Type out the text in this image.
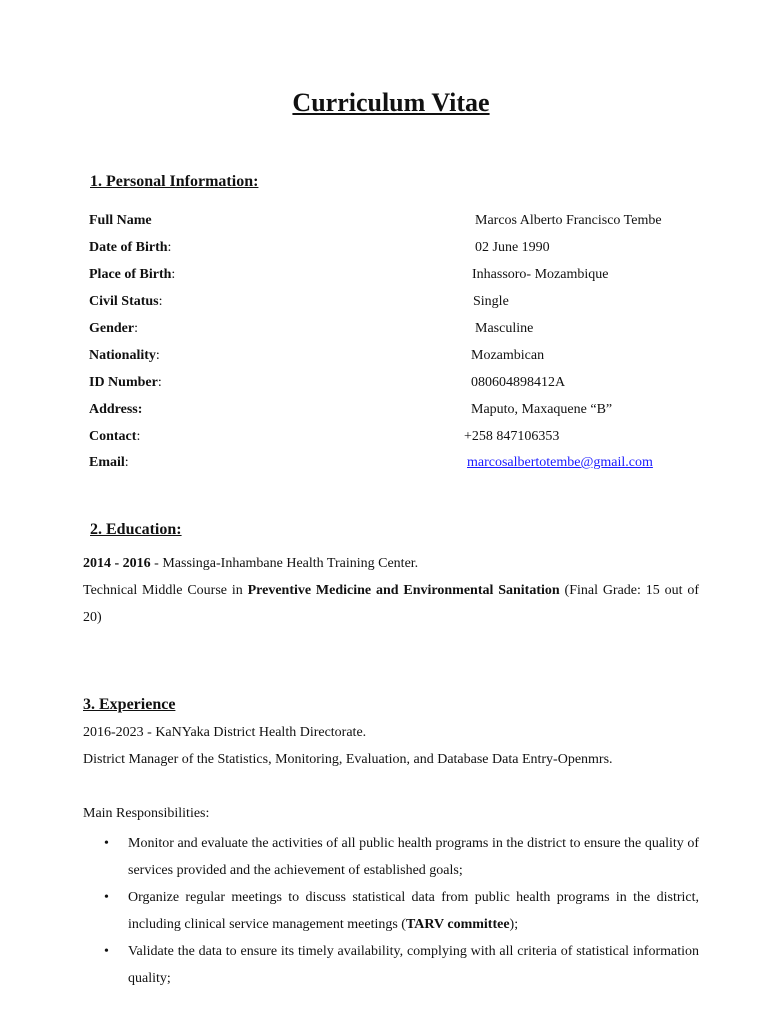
Curriculum Vitae
1. Personal Information:
Full Name	Marcos Alberto Francisco Tembe
Date of Birth:	02 June 1990
Place of Birth:	Inhassoro- Mozambique
Civil Status:	Single
Gender:	Masculine
Nationality:	Mozambican
ID Number:	080604898412A
Address:	Maputo, Maxaquene “B”
Contact:	+258 847106353
Email:	marcosalbertotembe@gmail.com
2. Education:
2014 - 2016 - Massinga-Inhambane Health Training Center.
Technical Middle Course in Preventive Medicine and Environmental Sanitation (Final Grade: 15 out of 20)
3. Experience
2016-2023 - KaNYaka District Health Directorate.
District Manager of the Statistics, Monitoring, Evaluation, and Database Data Entry-Openmrs.
Main Responsibilities:
• Monitor and evaluate the activities of all public health programs in the district to ensure the quality of services provided and the achievement of established goals;
• Organize regular meetings to discuss statistical data from public health programs in the district, including clinical service management meetings (TARV committee);
• Validate the data to ensure its timely availability, complying with all criteria of statistical information quality;
